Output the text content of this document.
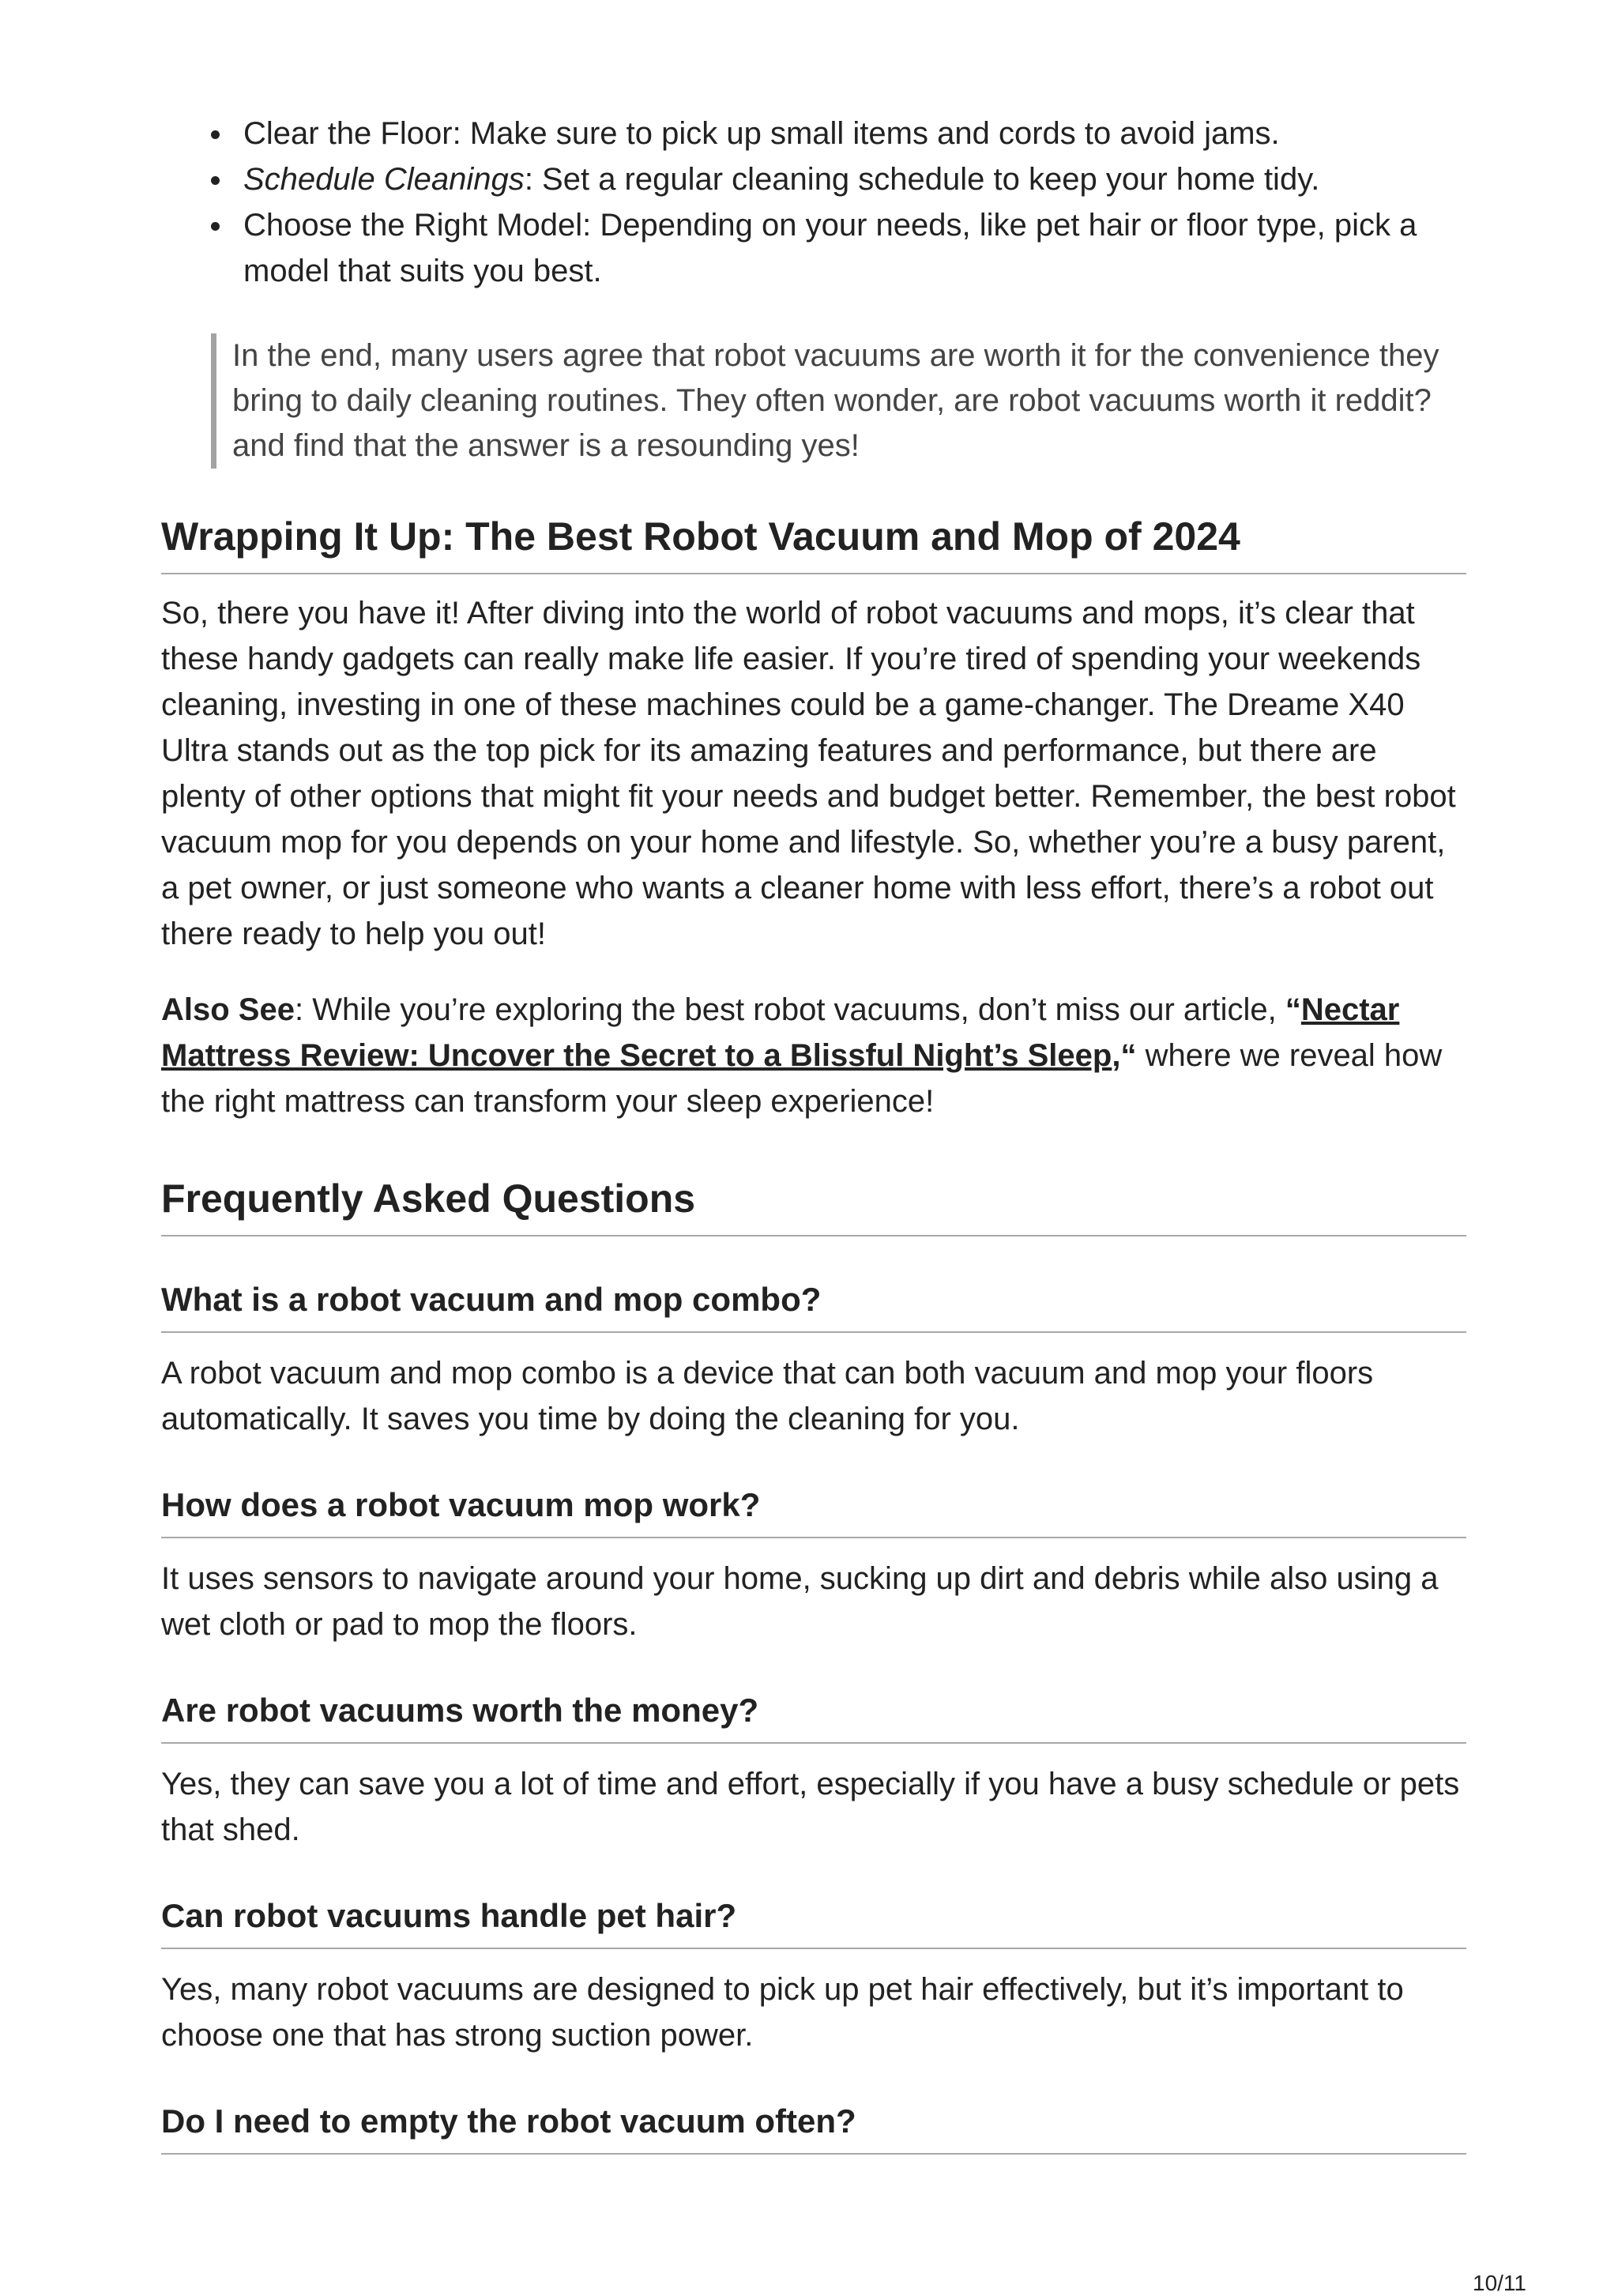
Clear the Floor: Make sure to pick up small items and cords to avoid jams.
Schedule Cleanings: Set a regular cleaning schedule to keep your home tidy.
Choose the Right Model: Depending on your needs, like pet hair or floor type, pick a model that suits you best.
In the end, many users agree that robot vacuums are worth it for the convenience they bring to daily cleaning routines. They often wonder, are robot vacuums worth it reddit? and find that the answer is a resounding yes!
Wrapping It Up: The Best Robot Vacuum and Mop of 2024

So, there you have it! After diving into the world of robot vacuums and mops, it’s clear that these handy gadgets can really make life easier. If you’re tired of spending your weekends cleaning, investing in one of these machines could be a game-changer. The Dreame X40 Ultra stands out as the top pick for its amazing features and performance, but there are plenty of other options that might fit your needs and budget better. Remember, the best robot vacuum mop for you depends on your home and lifestyle. So, whether you’re a busy parent, a pet owner, or just someone who wants a cleaner home with less effort, there’s a robot out there ready to help you out!

Also See: While you’re exploring the best robot vacuums, don’t miss our article, “Nectar Mattress Review: Uncover the Secret to a Blissful Night’s Sleep,“ where we reveal how the right mattress can transform your sleep experience!

Frequently Asked Questions
What is a robot vacuum and mop combo?

A robot vacuum and mop combo is a device that can both vacuum and mop your floors automatically. It saves you time by doing the cleaning for you.

How does a robot vacuum mop work?

It uses sensors to navigate around your home, sucking up dirt and debris while also using a wet cloth or pad to mop the floors.

Are robot vacuums worth the money?

Yes, they can save you a lot of time and effort, especially if you have a busy schedule or pets that shed.

Can robot vacuums handle pet hair?

Yes, many robot vacuums are designed to pick up pet hair effectively, but it’s important to choose one that has strong suction power.

Do I need to empty the robot vacuum often?
10/11
